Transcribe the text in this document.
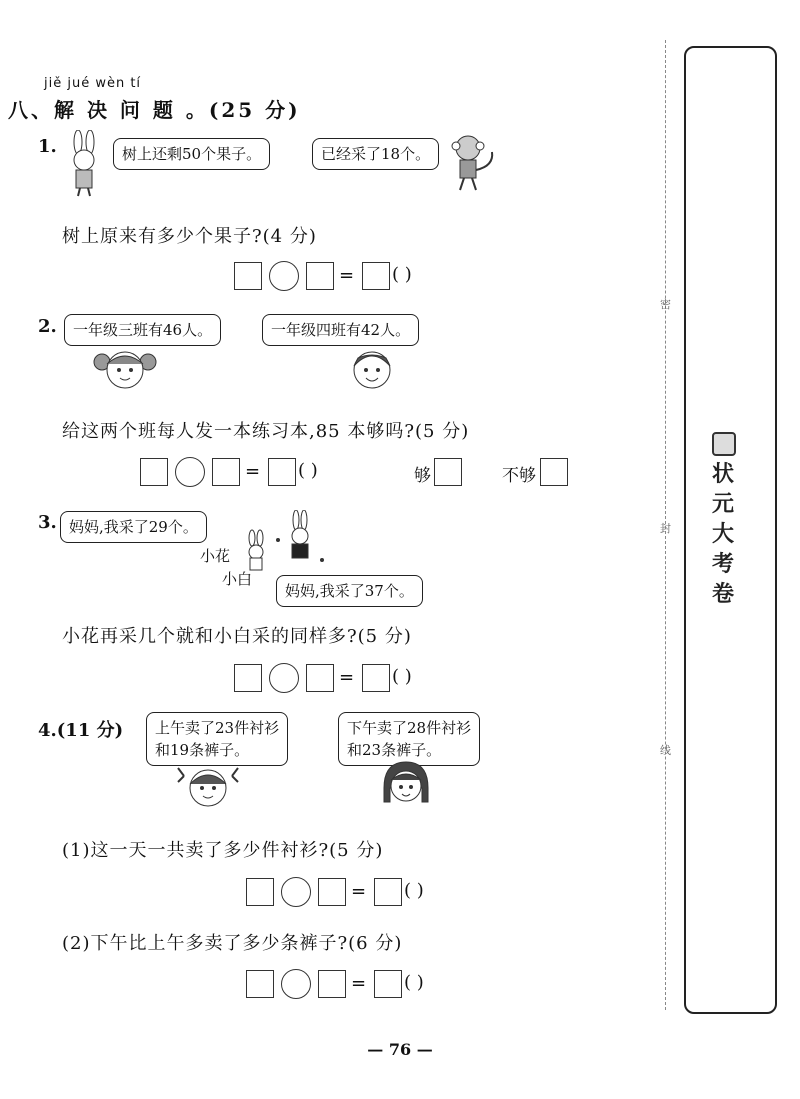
jiě jué wèn tí
八、解 决 问 题 。(25 分)
1.	树上还剩50个果子。	已经采了18个。
树上原来有多少个果子?(4 分)
= ( )
2.	一年级三班有46人。	一年级四班有42人。
给这两个班每人发一本练习本,85 本够吗?(5 分)
= ( )	够	不够
3. 妈妈,我采了29个。
小花
小白
妈妈,我采了37个。
小花再采几个就和小白采的同样多?(5 分)
= ( )
4.(11 分) 上午卖了23件衬衫
和19条裤子。
下午卖了28件衬衫
和23条裤子。
(1)这一天一共卖了多少件衬衫?(5 分)
= ( )
(2)下午比上午多卖了多少条裤子?(6 分)
= ( )
密
封
线
状元大考卷
— 76 —
